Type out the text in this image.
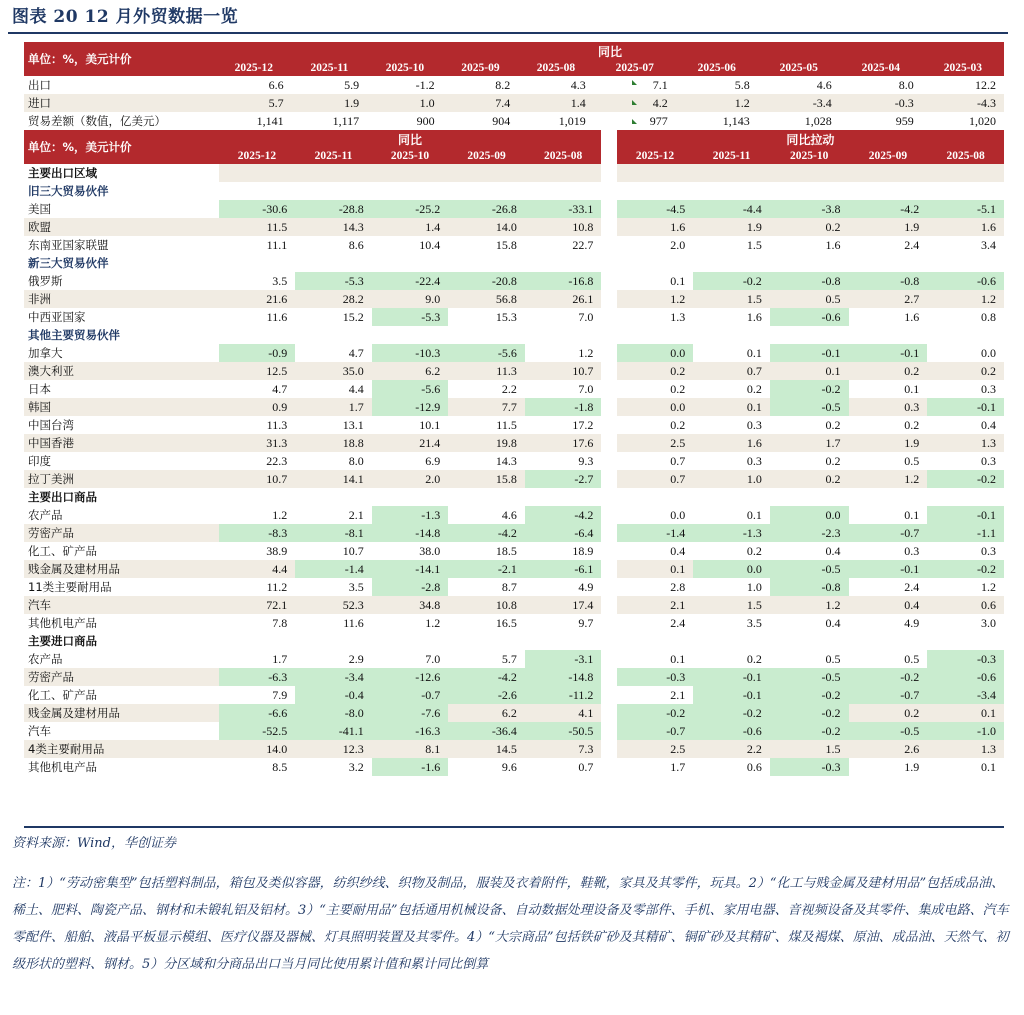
图表 20 12 月外贸数据一览
单位：%，美元计价	同比									
	2025-12	2025-11	2025-10	2025-09	2025-08	2025-07	2025-06	2025-05	2025-04	2025-03
出口	6.6	5.9	-1.2	8.2	4.3	7.1	5.8	4.6	8.0	12.2
进口	5.7	1.9	1.0	7.4	1.4	4.2	1.2	-3.4	-0.3	-4.3
贸易差额（数值，亿美元）	1,141	1,117	900	904	1,019	977	1,143	1,028	959	1,020
单位：%，美元计价	同比						同比拉动				
	2025-12	2025-11	2025-10	2025-09	2025-08		2025-12	2025-11	2025-10	2025-09	2025-08
主要出口区域											
旧三大贸易伙伴											
美国	-30.6	-28.8	-25.2	-26.8	-33.1		-4.5	-4.4	-3.8	-4.2	-5.1
欧盟	11.5	14.3	1.4	14.0	10.8		1.6	1.9	0.2	1.9	1.6
东南亚国家联盟	11.1	8.6	10.4	15.8	22.7		2.0	1.5	1.6	2.4	3.4
新三大贸易伙伴											
俄罗斯	3.5	-5.3	-22.4	-20.8	-16.8		0.1	-0.2	-0.8	-0.8	-0.6
非洲	21.6	28.2	9.0	56.8	26.1		1.2	1.5	0.5	2.7	1.2
中西亚国家	11.6	15.2	-5.3	15.3	7.0		1.3	1.6	-0.6	1.6	0.8
其他主要贸易伙伴											
加拿大	-0.9	4.7	-10.3	-5.6	1.2		0.0	0.1	-0.1	-0.1	0.0
澳大利亚	12.5	35.0	6.2	11.3	10.7		0.2	0.7	0.1	0.2	0.2
日本	4.7	4.4	-5.6	2.2	7.0		0.2	0.2	-0.2	0.1	0.3
韩国	0.9	1.7	-12.9	7.7	-1.8		0.0	0.1	-0.5	0.3	-0.1
中国台湾	11.3	13.1	10.1	11.5	17.2		0.2	0.3	0.2	0.2	0.4
中国香港	31.3	18.8	21.4	19.8	17.6		2.5	1.6	1.7	1.9	1.3
印度	22.3	8.0	6.9	14.3	9.3		0.7	0.3	0.2	0.5	0.3
拉丁美洲	10.7	14.1	2.0	15.8	-2.7		0.7	1.0	0.2	1.2	-0.2
主要出口商品											
农产品	1.2	2.1	-1.3	4.6	-4.2		0.0	0.1	0.0	0.1	-0.1
劳密产品	-8.3	-8.1	-14.8	-4.2	-6.4		-1.4	-1.3	-2.3	-0.7	-1.1
化工、矿产品	38.9	10.7	38.0	18.5	18.9		0.4	0.2	0.4	0.3	0.3
贱金属及建材用品	4.4	-1.4	-14.1	-2.1	-6.1		0.1	0.0	-0.5	-0.1	-0.2
11类主要耐用品	11.2	3.5	-2.8	8.7	4.9		2.8	1.0	-0.8	2.4	1.2
汽车	72.1	52.3	34.8	10.8	17.4		2.1	1.5	1.2	0.4	0.6
其他机电产品	7.8	11.6	1.2	16.5	9.7		2.4	3.5	0.4	4.9	3.0
主要进口商品											
农产品	1.7	2.9	7.0	5.7	-3.1		0.1	0.2	0.5	0.5	-0.3
劳密产品	-6.3	-3.4	-12.6	-4.2	-14.8		-0.3	-0.1	-0.5	-0.2	-0.6
化工、矿产品	7.9	-0.4	-0.7	-2.6	-11.2		2.1	-0.1	-0.2	-0.7	-3.4
贱金属及建材用品	-6.6	-8.0	-7.6	6.2	4.1		-0.2	-0.2	-0.2	0.2	0.1
汽车	-52.5	-41.1	-16.3	-36.4	-50.5		-0.7	-0.6	-0.2	-0.5	-1.0
4类主要耐用品	14.0	12.3	8.1	14.5	7.3		2.5	2.2	1.5	2.6	1.3
其他机电产品	8.5	3.2	-1.6	9.6	0.7		1.7	0.6	-0.3	1.9	0.1
资料来源：Wind，华创证券
注：1）“劳动密集型”包括塑料制品，箱包及类似容器，纺织纱线、织物及制品，服装及衣着附件，鞋靴，家具及其零件，玩具。2）“化工与贱金属及建材用品”包括成品油、稀土、肥料、陶瓷产品、钢材和未锻轧铝及铝材。3）“主要耐用品”包括通用机械设备、自动数据处理设备及零部件、手机、家用电器、音视频设备及其零件、集成电路、汽车零配件、船舶、液晶平板显示模组、医疗仪器及器械、灯具照明装置及其零件。4）“大宗商品”包括铁矿砂及其精矿、铜矿砂及其精矿、煤及褐煤、原油、成品油、天然气、初级形状的塑料、钢材。5）分区域和分商品出口当月同比使用累计值和累计同比倒算
